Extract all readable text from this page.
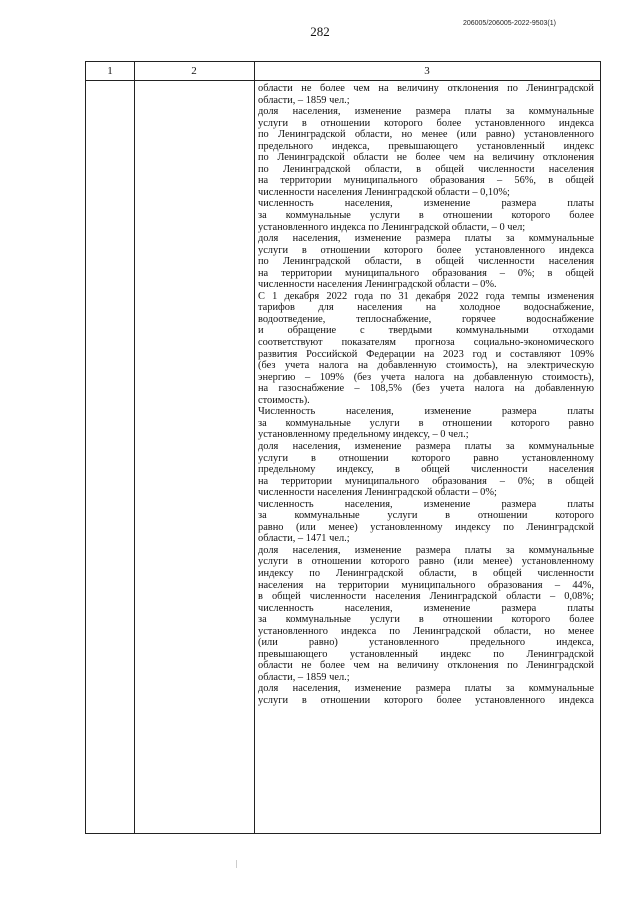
282
206005/206005-2022-9503(1)
1	2	3
области не более чем на величину отклонения по Ленинградской
области, – 1859 чел.;
доля населения, изменение размера платы за коммунальные
услуги в отношении которого более установленного индекса
по Ленинградской области, но менее (или равно) установленного
предельного индекса, превышающего установленный индекс
по Ленинградской области не более чем на величину отклонения
по Ленинградской области, в общей численности населения
на территории муниципального образования – 56%, в общей
численности населения Ленинградской области – 0,10%;
численность населения, изменение размера платы
за коммунальные услуги в отношении которого более
установленного индекса по Ленинградской области, – 0 чел;
доля населения, изменение размера платы за коммунальные
услуги в отношении которого более установленного индекса
по Ленинградской области, в общей численности населения
на территории муниципального образования – 0%; в общей
численности населения Ленинградской области – 0%.
С 1 декабря 2022 года по 31 декабря 2022 года темпы изменения
тарифов для населения на холодное водоснабжение,
водоотведение, теплоснабжение, горячее водоснабжение
и обращение с твердыми коммунальными отходами
соответствуют показателям прогноза социально-экономического
развития Российской Федерации на 2023 год и составляют 109%
(без учета налога на добавленную стоимость), на электрическую
энергию – 109% (без учета налога на добавленную стоимость),
на газоснабжение – 108,5% (без учета налога на добавленную
стоимость).
Численность населения, изменение размера платы
за коммунальные услуги в отношении которого равно
установленному предельному индексу, – 0 чел.;
доля населения, изменение размера платы за коммунальные
услуги в отношении которого равно установленному
предельному индексу, в общей численности населения
на территории муниципального образования – 0%; в общей
численности населения Ленинградской области – 0%;
численность населения, изменение размера платы
за коммунальные услуги в отношении которого
равно (или менее) установленному индексу по Ленинградской
области, – 1471 чел.;
доля населения, изменение размера платы за коммунальные
услуги в отношении которого равно (или менее) установленному
индексу по Ленинградской области, в общей численности
населения на территории муниципального образования – 44%,
в общей численности населения Ленинградской области – 0,08%;
численность населения, изменение размера платы
за коммунальные услуги в отношении которого более
установленного индекса по Ленинградской области, но менее
(или равно) установленного предельного индекса,
превышающего установленный индекс по Ленинградской
области не более чем на величину отклонения по Ленинградской
области, – 1859 чел.;
доля населения, изменение размера платы за коммунальные
услуги в отношении которого более установленного индекса
